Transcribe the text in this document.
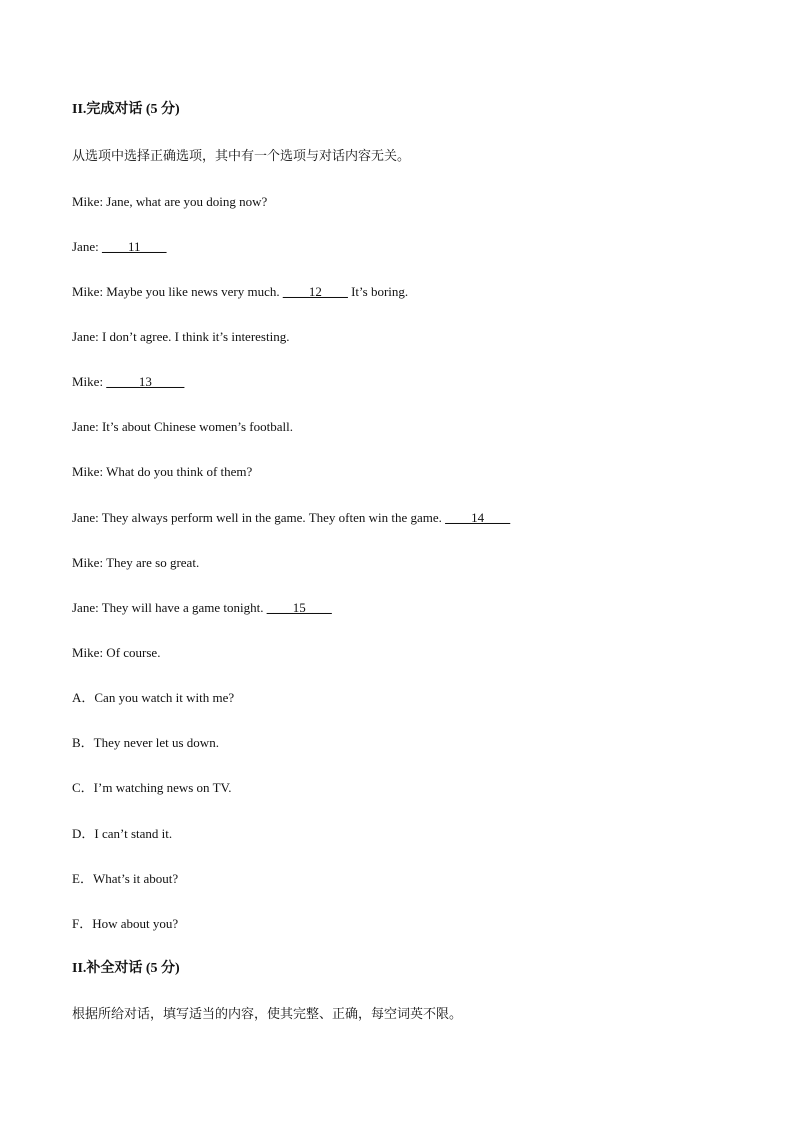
II.完成对话 (5 分)
从选项中选择正确选项，其中有一个选项与对话内容无关。
Mike: Jane, what are you doing now?
Jane: ____11____
Mike: Maybe you like news very much. ____12____ It’s boring.
Jane: I don’t agree. I think it’s interesting.
Mike: _____13_____
Jane: It’s about Chinese women’s football.
Mike: What do you think of them?
Jane: They always perform well in the game. They often win the game. ____14____
Mike: They are so great.
Jane: They will have a game tonight. ____15____
Mike: Of course.
A．Can you watch it with me?
B．They never let us down.
C．I’m watching news on TV.
D．I can’t stand it.
E．What’s it about?
F．How about you?
II.补全对话 (5 分)
根据所给对话，填写适当的内容，使其完整、正确，每空词英不限。
